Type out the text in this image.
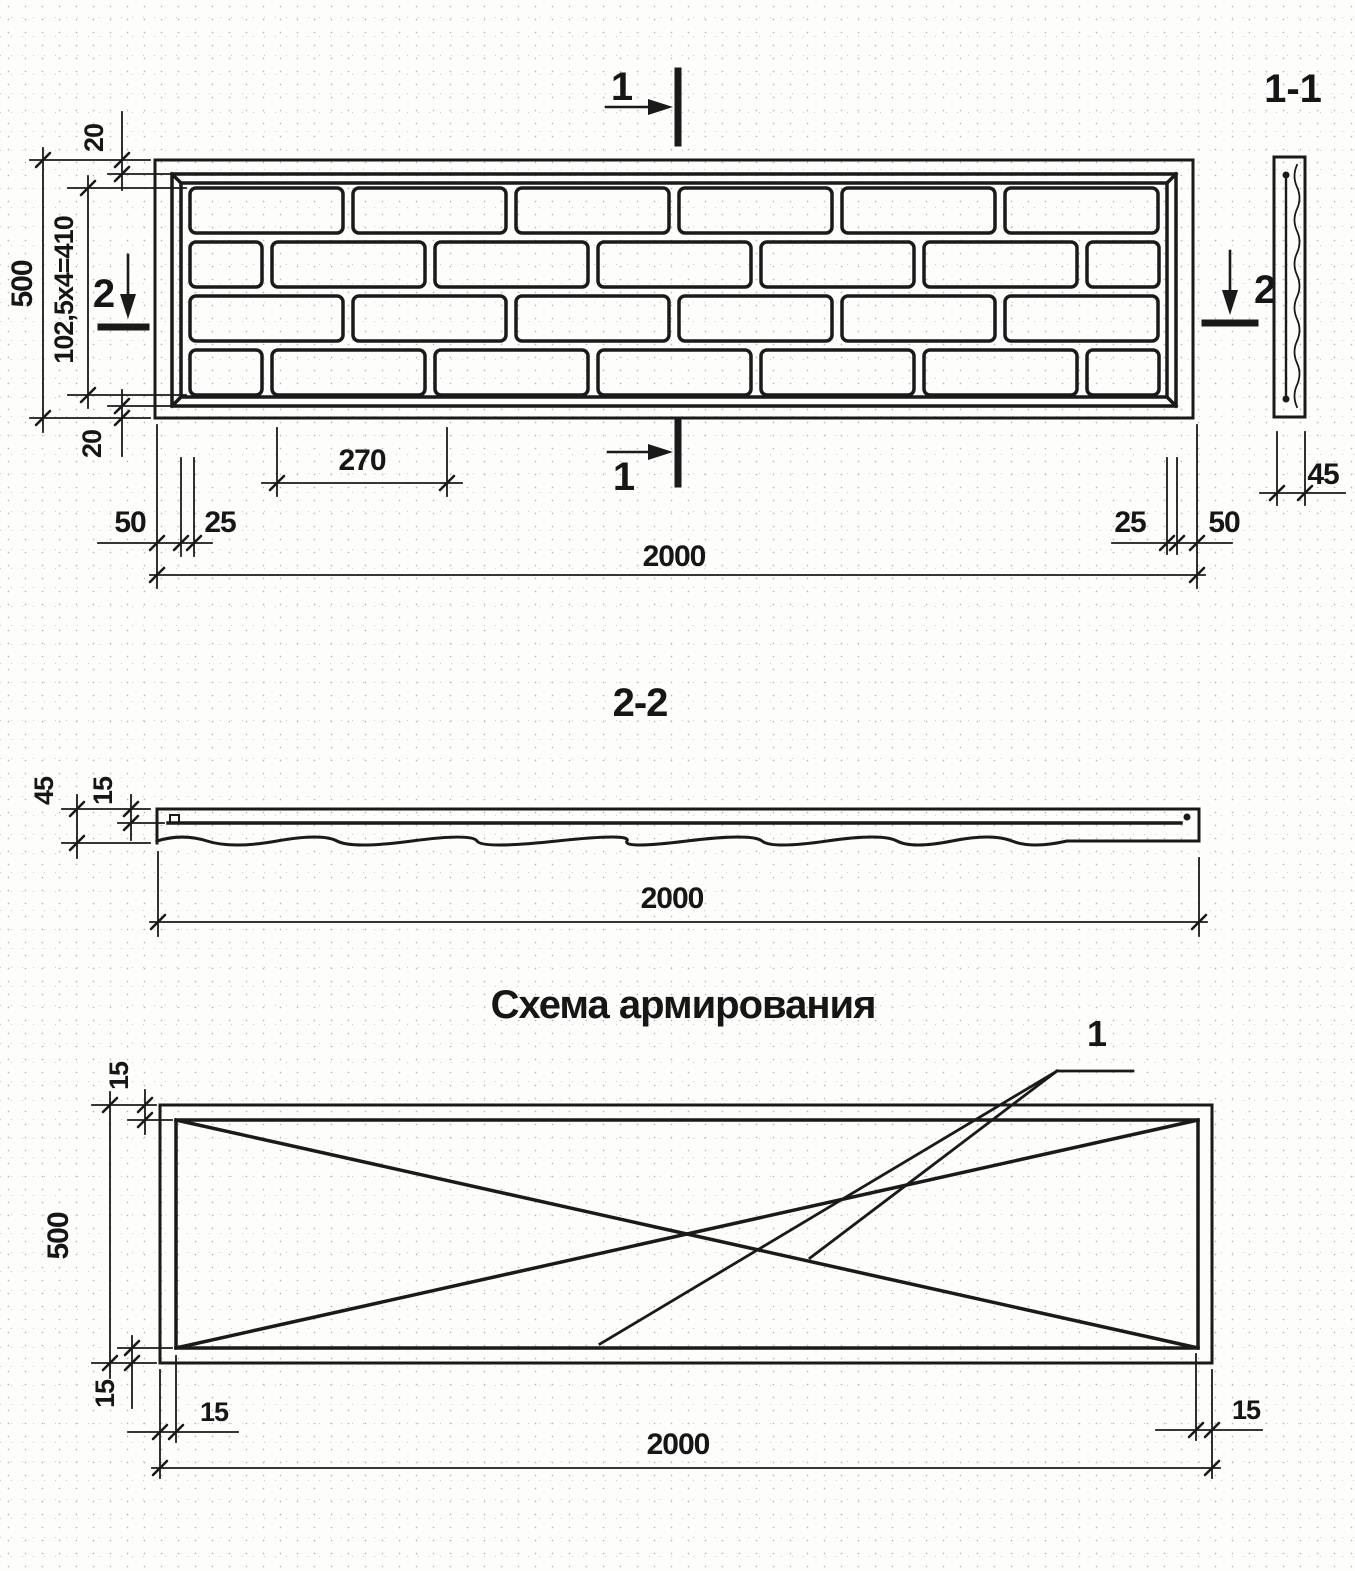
1
1
2	2
20
500 102,5х4=410
20	270
50 25	25 50
2000
1-1
45
2-2
45 15
2000
Схема армирования
1
15
500
15
15	15
2000
